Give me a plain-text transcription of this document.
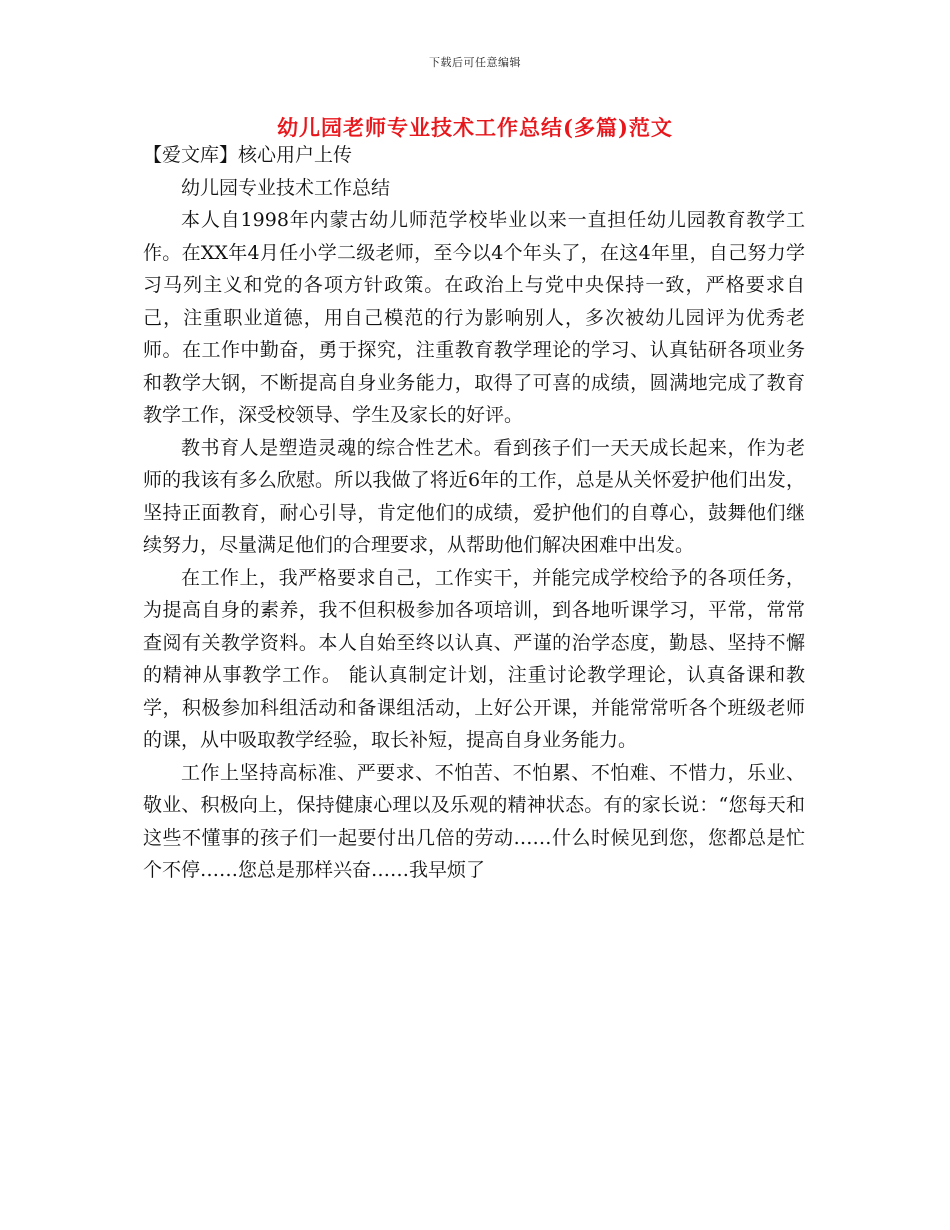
下载后可任意编辑
幼儿园老师专业技术工作总结(多篇)范文

【爱文库】核心用户上传

幼儿园专业技术工作总结

本人自1998年内蒙古幼儿师范学校毕业以来一直担任幼儿园教育教学工作。在XX年4月任小学二级老师，至今以4个年头了，在这4年里，自己努力学习马列主义和党的各项方针政策。在政治上与党中央保持一致，严格要求自己，注重职业道德，用自己模范的行为影响别人，多次被幼儿园评为优秀老师。在工作中勤奋，勇于探究，注重教育教学理论的学习、认真钻研各项业务和教学大钢，不断提高自身业务能力，取得了可喜的成绩，圆满地完成了教育教学工作，深受校领导、学生及家长的好评。

教书育人是塑造灵魂的综合性艺术。看到孩子们一天天成长起来，作为老师的我该有多么欣慰。所以我做了将近6年的工作，总是从关怀爱护他们出发，坚持正面教育，耐心引导，肯定他们的成绩，爱护他们的自尊心，鼓舞他们继续努力，尽量满足他们的合理要求，从帮助他们解决困难中出发。

在工作上，我严格要求自己，工作实干，并能完成学校给予的各项任务，为提高自身的素养，我不但积极参加各项培训，到各地听课学习，平常，常常查阅有关教学资料。本人自始至终以认真、严谨的治学态度，勤恳、坚持不懈的精神从事教学工作。 能认真制定计划，注重讨论教学理论，认真备课和教学，积极参加科组活动和备课组活动，上好公开课，并能常常听各个班级老师的课，从中吸取教学经验，取长补短，提高自身业务能力。

工作上坚持高标准、严要求、不怕苦、不怕累、不怕难、不惜力，乐业、敬业、积极向上，保持健康心理以及乐观的精神状态。有的家长说：“您每天和这些不懂事的孩子们一起要付出几倍的劳动……什么时候见到您，您都总是忙个不停……您总是那样兴奋……我早烦了
